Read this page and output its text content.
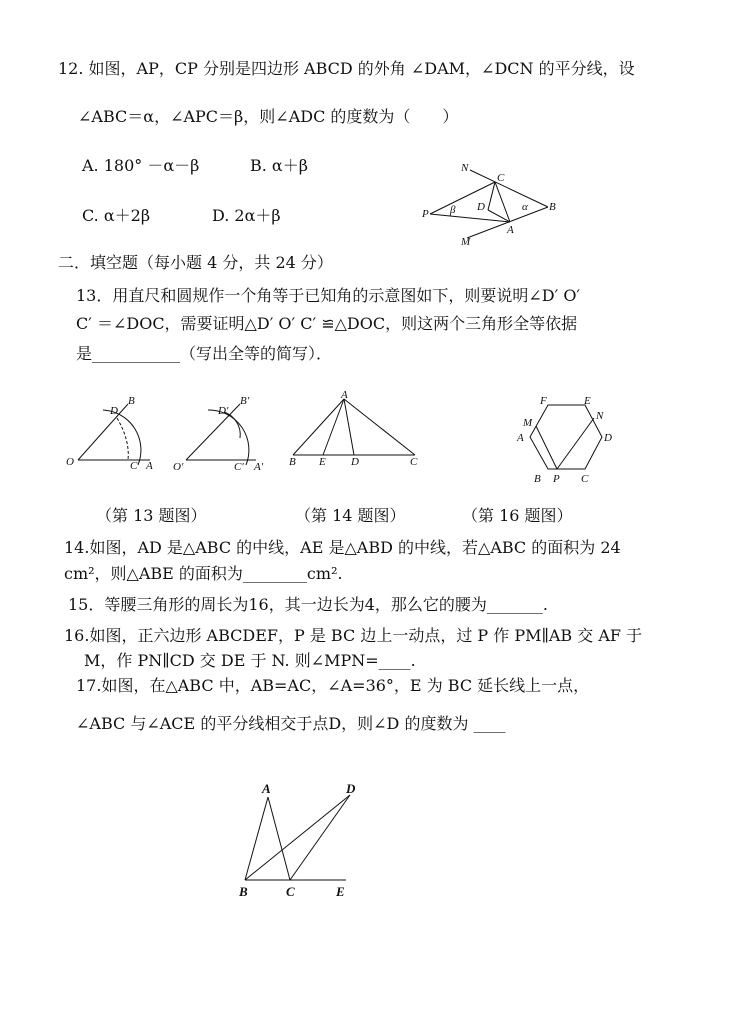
12. 如图，AP，CP 分别是四边形 ABCD 的外角 ∠DAM，∠DCN 的平分线，设
∠ABC＝α，∠APC＝β，则∠ADC 的度数为（　　）
A. 180° －α－β	B. α＋β
C. α＋2β	D. 2α＋β
N
C
D
P
A
B
M
α
β
二．填空题（每小题 4 分，共 24 分）
13．用直尺和圆规作一个角等于已知角的示意图如下，则要说明∠D′ O′
C′ ＝∠DOC，需要证明△D′ O′ C′ ≌△DOC，则这两个三角形全等依据
是___________（写出全等的简写）．
B
D
O	C A
B′
D′
O′	C′ A′
A
B E D	C
F	E
M
N
A	D
B P C
（第 13 题图）	（第 14 题图）	（第 16 题图）
14.如图，AD 是△ABC 的中线，AE 是△ABD 的中线，若△ABC 的面积为 24
cm²，则△ABE 的面积为________cm².
15．等腰三角形的周长为16，其一边长为4，那么它的腰为_______.
16.如图，正六边形 ABCDEF，P 是 BC 边上一动点，过 P 作 PM∥AB 交 AF 于
M，作 PN∥CD 交 DE 于 N. 则∠MPN=____.
17.如图，在△ABC 中，AB=AC，∠A=36°，E 为 BC 延长线上一点，
∠ABC 与∠ACE 的平分线相交于点D，则∠D 的度数为 ____
A	D
B	C	E
